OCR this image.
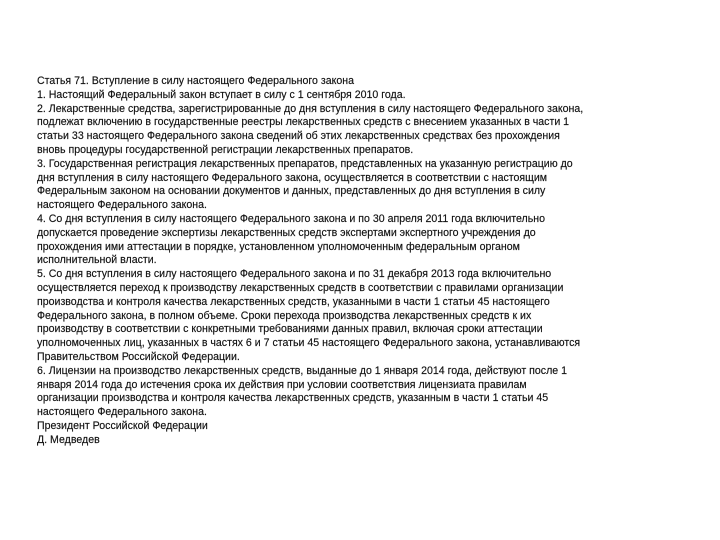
Статья 71. Вступление в силу настоящего Федерального закона
1. Настоящий Федеральный закон вступает в силу с 1 сентября 2010 года.
2. Лекарственные средства, зарегистрированные до дня вступления в силу настоящего Федерального закона,
подлежат включению в государственные реестры лекарственных средств с внесением указанных в части 1
статьи 33 настоящего Федерального закона сведений об этих лекарственных средствах без прохождения
вновь процедуры государственной регистрации лекарственных препаратов.
3. Государственная регистрация лекарственных препаратов, представленных на указанную регистрацию до
дня вступления в силу настоящего Федерального закона, осуществляется в соответствии с настоящим
Федеральным законом на основании документов и данных, представленных до дня вступления в силу
настоящего Федерального закона.
4. Со дня вступления в силу настоящего Федерального закона и по 30 апреля 2011 года включительно
допускается проведение экспертизы лекарственных средств экспертами экспертного учреждения до
прохождения ими аттестации в порядке, установленном уполномоченным федеральным органом
исполнительной власти.
5. Со дня вступления в силу настоящего Федерального закона и по 31 декабря 2013 года включительно
осуществляется переход к производству лекарственных средств в соответствии с правилами организации
производства и контроля качества лекарственных средств, указанными в части 1 статьи 45 настоящего
Федерального закона, в полном объеме. Сроки перехода производства лекарственных средств к их
производству в соответствии с конкретными требованиями данных правил, включая сроки аттестации
уполномоченных лиц, указанных в частях 6 и 7 статьи 45 настоящего Федерального закона, устанавливаются
Правительством Российской Федерации.
6. Лицензии на производство лекарственных средств, выданные до 1 января 2014 года, действуют после 1
января 2014 года до истечения срока их действия при условии соответствия лицензиата правилам
организации производства и контроля качества лекарственных средств, указанным в части 1 статьи 45
настоящего Федерального закона.
Президент Российской Федерации
Д. Медведев
